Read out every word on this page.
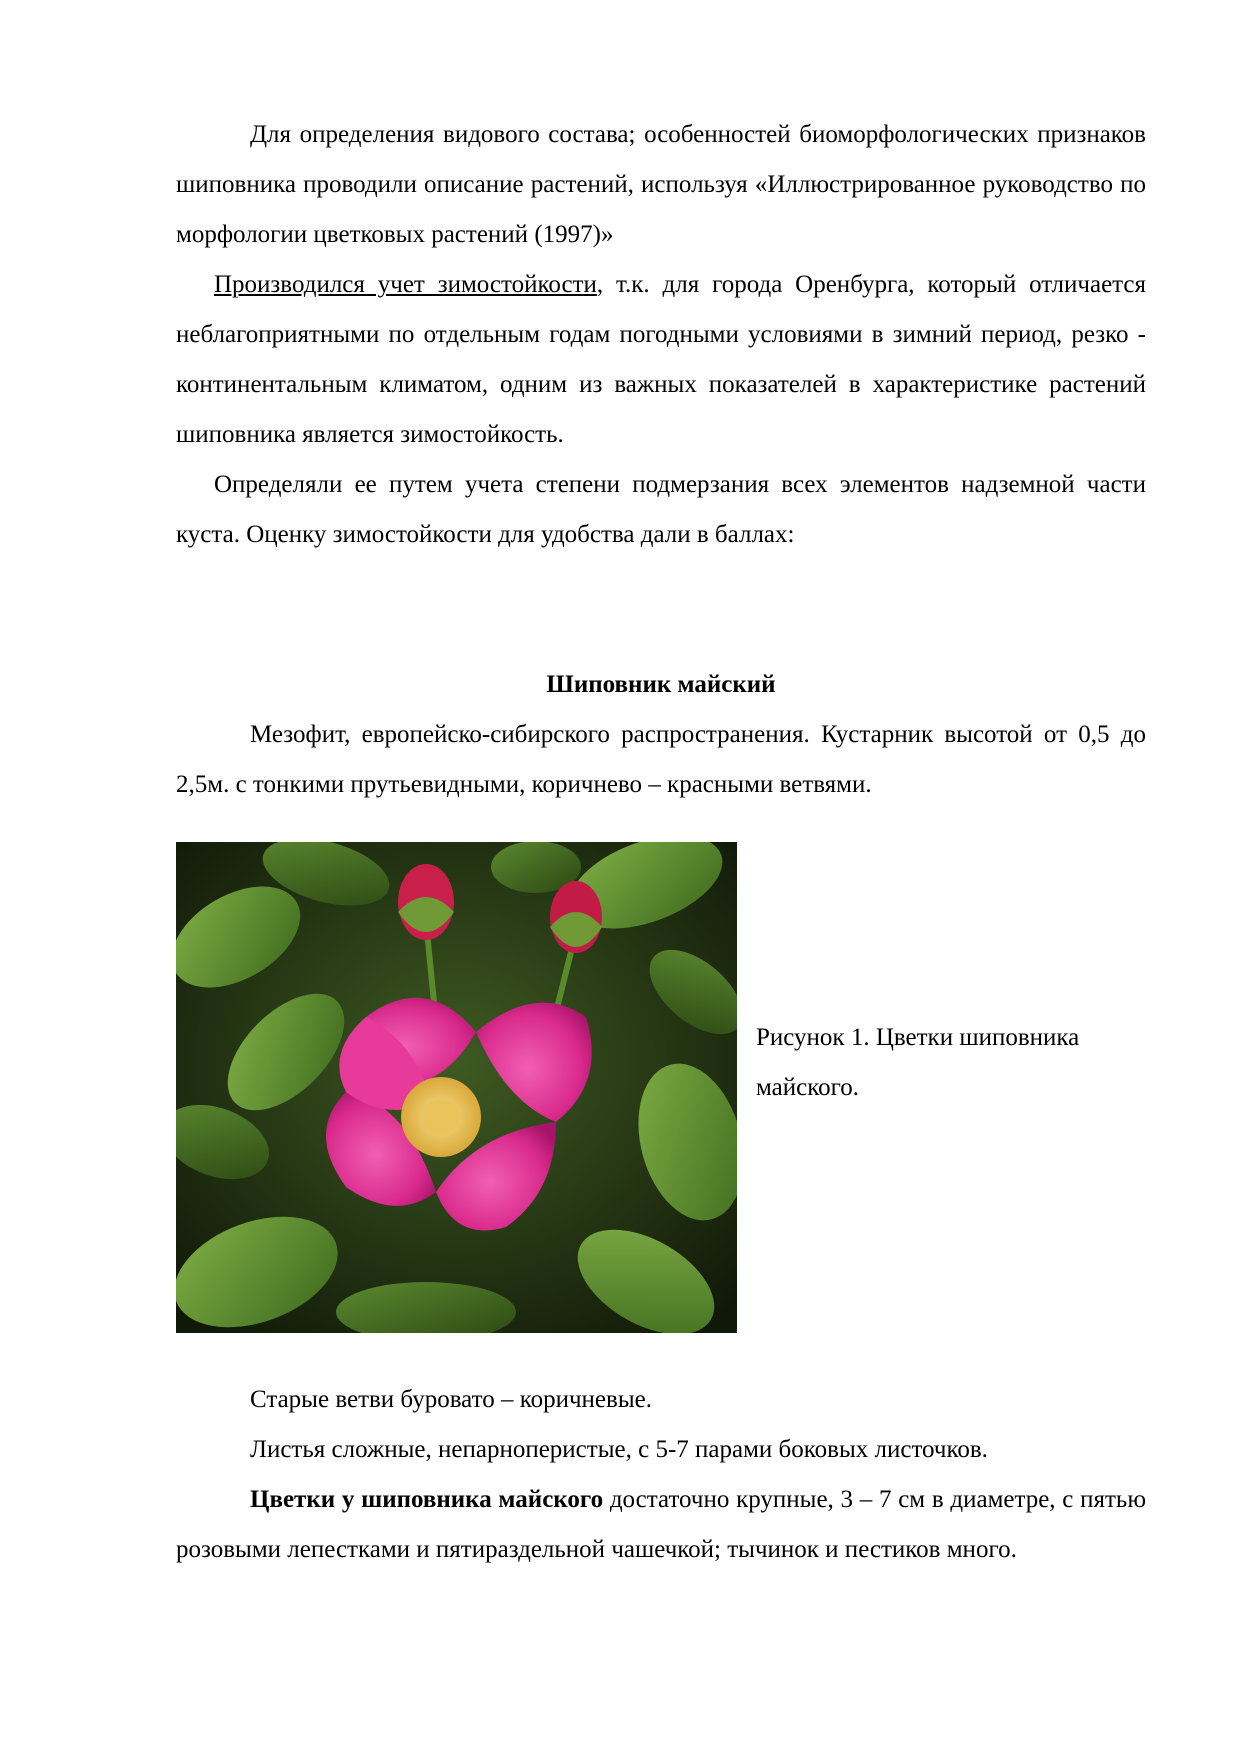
Для определения видового состава; особенностей биоморфологических признаков шиповника проводили описание растений, используя «Иллюстрированное руководство по морфологии цветковых растений (1997)»

Производился учет зимостойкости, т.к. для города Оренбурга, который отличается неблагоприятными по отдельным годам погодными условиями в зимний период, резко - континентальным климатом, одним из важных показателей в характеристике растений шиповника является зимостойкость.

Определяли ее путем учета степени подмерзания всех элементов надземной части куста. Оценку зимостойкости для удобства дали в баллах:

Шиповник майский

Мезофит, европейско-сибирского распространения. Кустарник высотой от 0,5 до 2,5м. с тонкими прутьевидными, коричнево – красными ветвями.

Рисунок 1. Цветки шиповника

майского.

Старые ветви буровато – коричневые.

Листья сложные, непарноперистые, с 5-7 парами боковых листочков.

Цветки у шиповника майского достаточно крупные, 3 – 7 см в диаметре, с пятью розовыми лепестками и пятираздельной чашечкой; тычинок и пестиков много.
